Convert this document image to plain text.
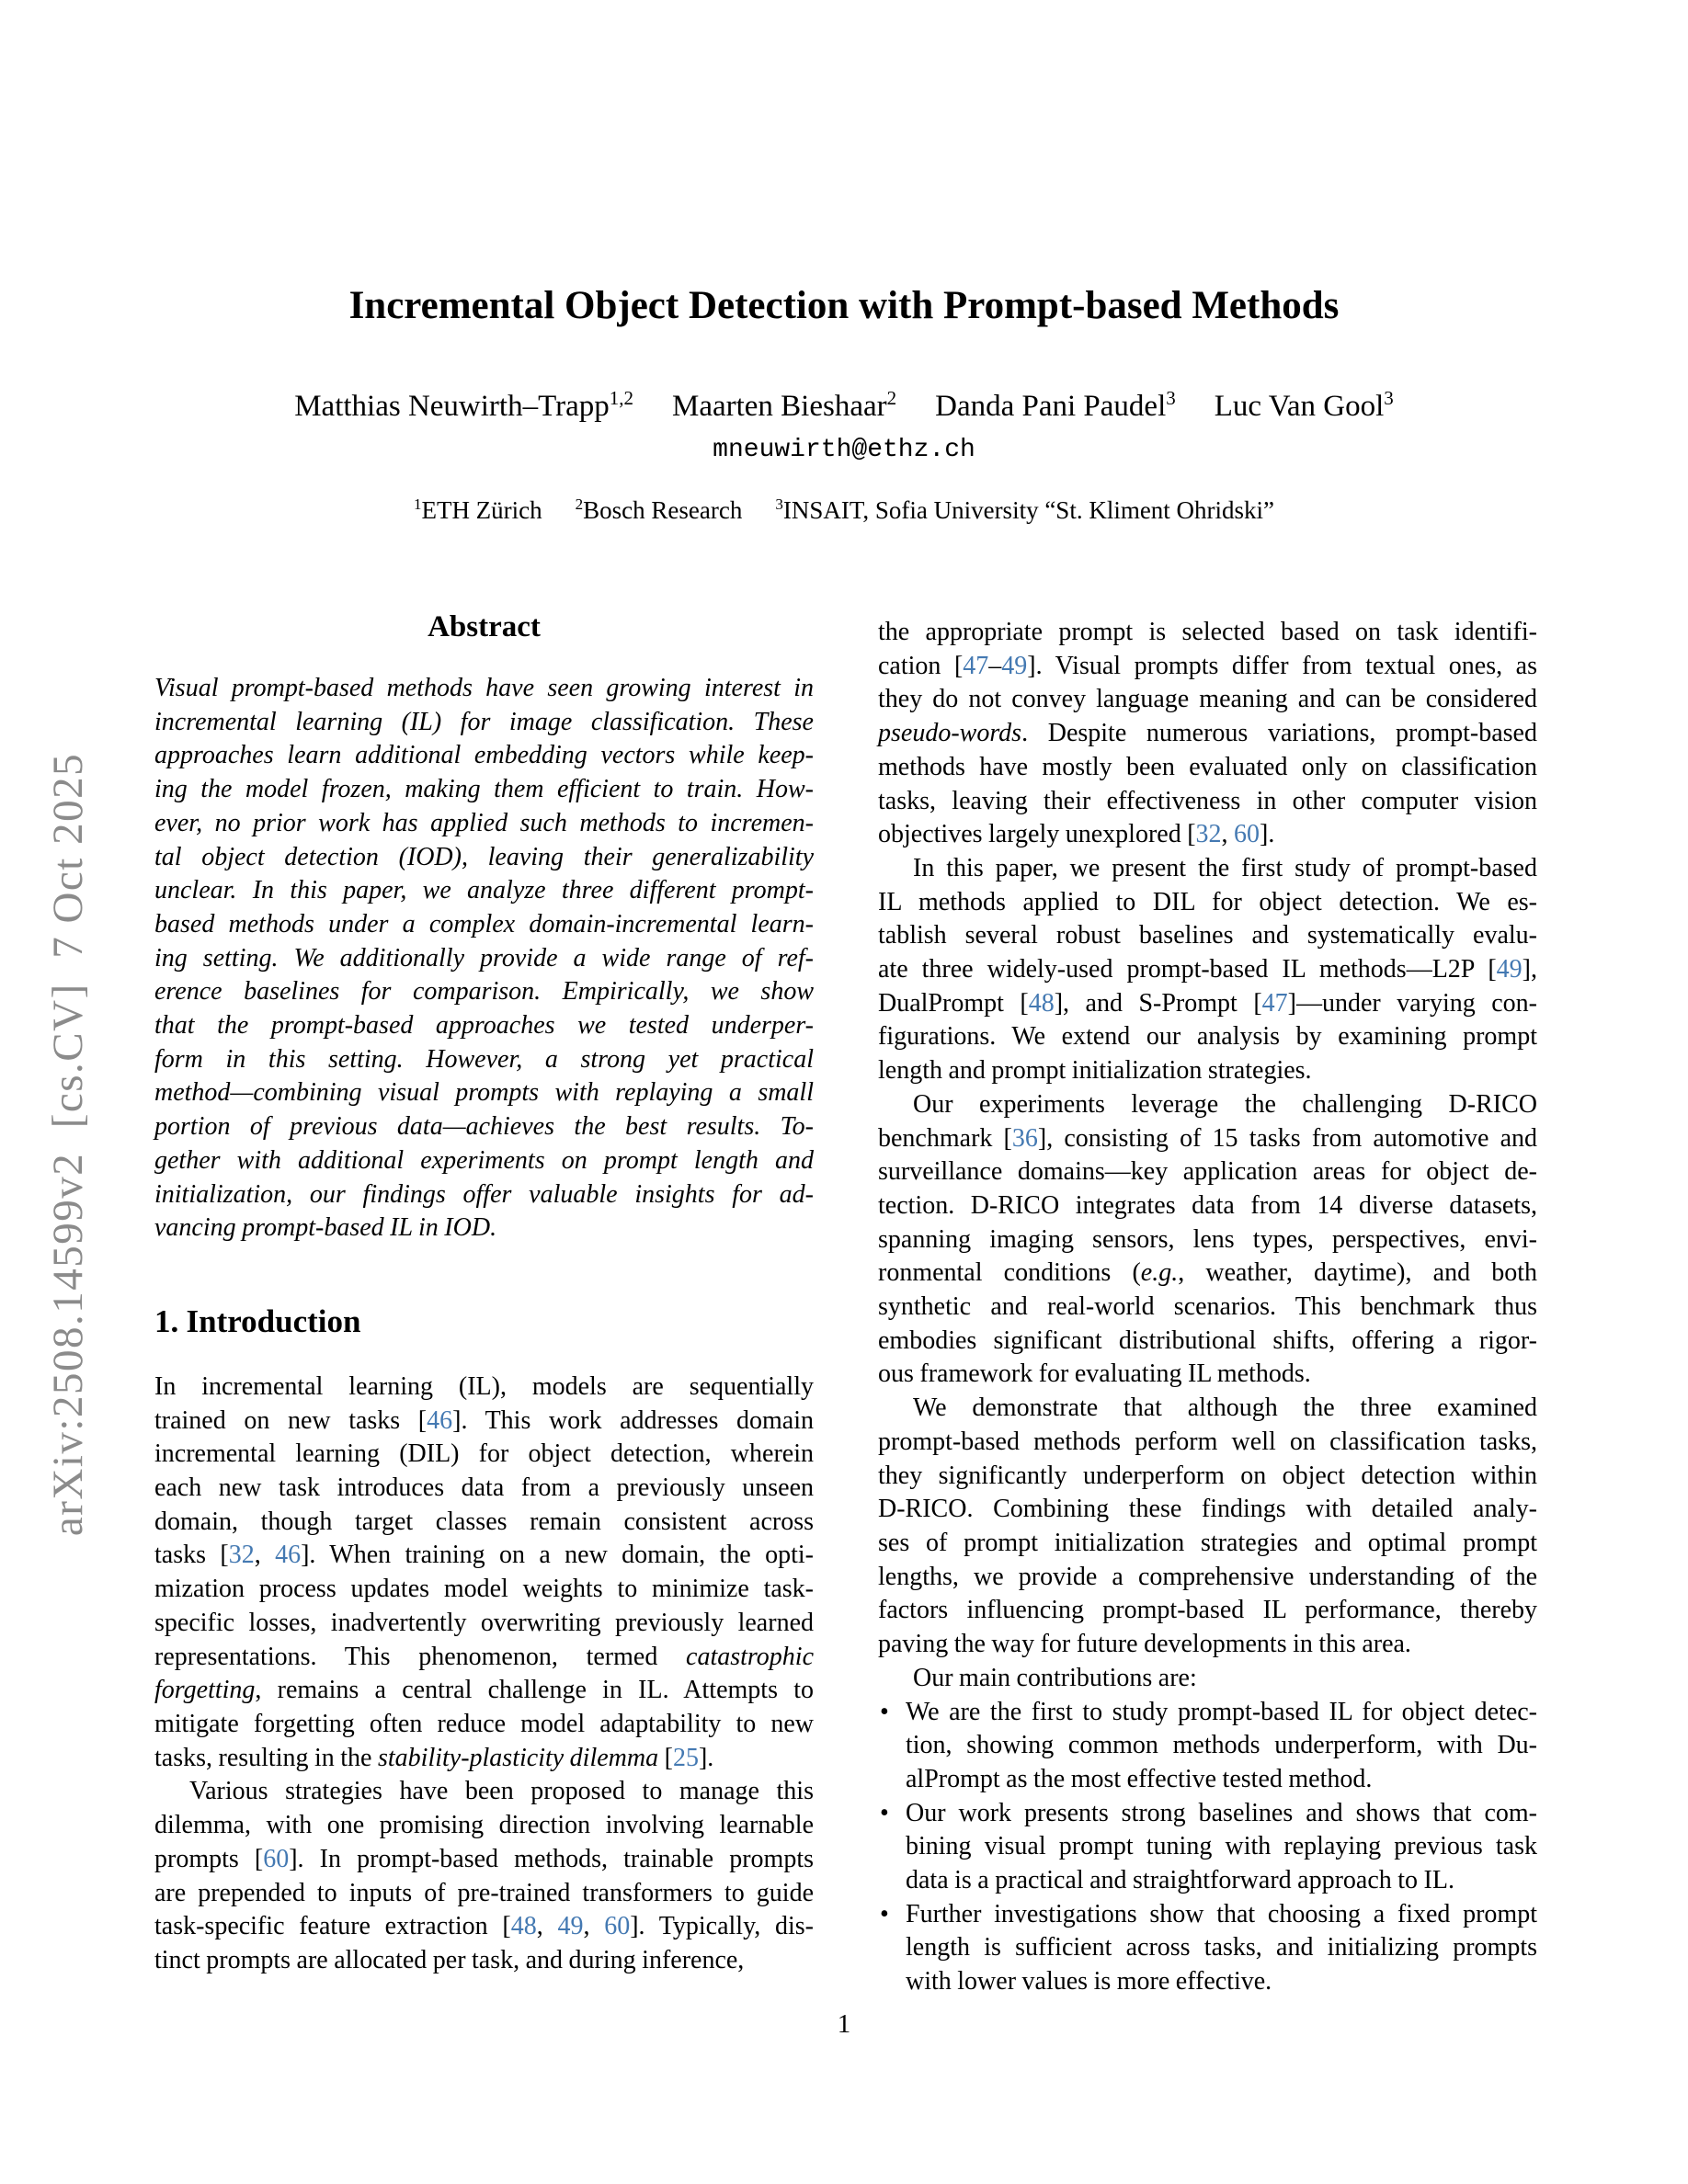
arXiv:2508.14599v2  [cs.CV]  7 Oct 2025
Incremental Object Detection with Prompt-based Methods
Matthias Neuwirth–Trapp$^{1,2}$ Maarten Bieshaar$^2$ Danda Pani Paudel$^3$ Luc Van Gool$^3$
mneuwirth@ethz.ch
$^1$ETH Zürich $^2$Bosch Research $^3$INSAIT, Sofia University “St. Kliment Ohridski”
Abstract
Visual prompt-based methods have seen growing interest in
incremental learning (IL) for image classification. These
approaches learn additional embedding vectors while keep-
ing the model frozen, making them efficient to train. How-
ever, no prior work has applied such methods to incremen-
tal object detection (IOD), leaving their generalizability
unclear. In this paper, we analyze three different prompt-
based methods under a complex domain-incremental learn-
ing setting. We additionally provide a wide range of ref-
erence baselines for comparison. Empirically, we show
that the prompt-based approaches we tested underper-
form in this setting. However, a strong yet practical
method—combining visual prompts with replaying a small
portion of previous data—achieves the best results. To-
gether with additional experiments on prompt length and
initialization, our findings offer valuable insights for ad-
vancing prompt-based IL in IOD.
1. Introduction
In incremental learning (IL), models are sequentially
trained on new tasks [46]. This work addresses domain
incremental learning (DIL) for object detection, wherein
each new task introduces data from a previously unseen
domain, though target classes remain consistent across
tasks [32, 46]. When training on a new domain, the opti-
mization process updates model weights to minimize task-
specific losses, inadvertently overwriting previously learned
representations. This phenomenon, termed catastrophic
forgetting, remains a central challenge in IL. Attempts to
mitigate forgetting often reduce model adaptability to new
tasks, resulting in the stability-plasticity dilemma [25].
Various strategies have been proposed to manage this
dilemma, with one promising direction involving learnable
prompts [60]. In prompt-based methods, trainable prompts
are prepended to inputs of pre-trained transformers to guide
task-specific feature extraction [48, 49, 60]. Typically, dis-
tinct prompts are allocated per task, and during inference,
the appropriate prompt is selected based on task identifi-
cation [47–49]. Visual prompts differ from textual ones, as
they do not convey language meaning and can be considered
pseudo-words. Despite numerous variations, prompt-based
methods have mostly been evaluated only on classification
tasks, leaving their effectiveness in other computer vision
objectives largely unexplored [32, 60].
In this paper, we present the first study of prompt-based
IL methods applied to DIL for object detection. We es-
tablish several robust baselines and systematically evalu-
ate three widely-used prompt-based IL methods—L2P [49],
DualPrompt [48], and S-Prompt [47]—under varying con-
figurations. We extend our analysis by examining prompt
length and prompt initialization strategies.
Our experiments leverage the challenging D-RICO
benchmark [36], consisting of 15 tasks from automotive and
surveillance domains—key application areas for object de-
tection. D-RICO integrates data from 14 diverse datasets,
spanning imaging sensors, lens types, perspectives, envi-
ronmental conditions (e.g., weather, daytime), and both
synthetic and real-world scenarios. This benchmark thus
embodies significant distributional shifts, offering a rigor-
ous framework for evaluating IL methods.
We demonstrate that although the three examined
prompt-based methods perform well on classification tasks,
they significantly underperform on object detection within
D-RICO. Combining these findings with detailed analy-
ses of prompt initialization strategies and optimal prompt
lengths, we provide a comprehensive understanding of the
factors influencing prompt-based IL performance, thereby
paving the way for future developments in this area.
Our main contributions are:
• We are the first to study prompt-based IL for object detec-
tion, showing common methods underperform, with Du-
alPrompt as the most effective tested method.
• Our work presents strong baselines and shows that com-
bining visual prompt tuning with replaying previous task
data is a practical and straightforward approach to IL.
• Further investigations show that choosing a fixed prompt
length is sufficient across tasks, and initializing prompts
with lower values is more effective.
1
